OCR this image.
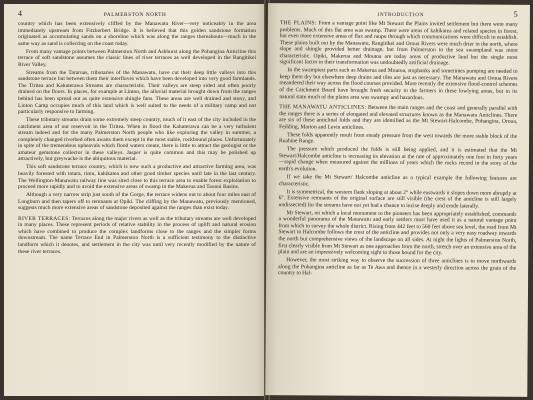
4	PALMERSTON NORTH

country which has been extensively cliffed by the Manawatu River—very noticeably in the area immediately upstream from Fitzherbert Bridge. It is believed that this golden sandstone formation originated as accumulating sands on a shoreline which was along the ranges thereabouts—much in the same way as sand is collecting on the coast today.

From many vantage points between Palmerston North and Ashhurst along the Pohangina Anticline this terrace of soft sandstone assumes the classic lines of river terraces as well developed in the Rangitikei River Valley.

Streams from the Tararuas, tributaries of the Manawatu, have cut their deep little valleys into this sandstone terrace but between them their interfluves which have been developed into very good farmlands. The Tiritea and Kahuterawa Streams are characteristic. Their valleys are steep sided and often poorly drained on the floors. In places, for example at Linton, the alluvial material brought down from the ranges behind has been spread out as quite extensive shingle fans. These areas are well drained and stony, and Linton Camp occupies much of this land which is well suited to the needs of a military camp and not particularly responsive to farming.

These tributary streams drain some extremely steep country, much of it east of the city included in the catchment area of our reservoir in the Tiritea. When in flood the Kahuterawa can be a very turbulent stream indeed and for the many Palmerston North people who like exploring the valley in summer, a completely changed riverbed often awaits them except in the most stable, rockbound places. Unfortunately in spite of the tremendous upheavals which flood waters create, there is little to attract the geologist or the amateur gemstone collector in these valleys. Jasper is quite common and this may be polished up attractively, but greywacke is the ubiquitous material.

This soft sandstone terrace country, which is now such a productive and attractive farming area, was heavily forested with totara, rimu, kahikatea and other good timber species until late in the last century. The Wellington-Manawatu railway line was sited close to this terrace area to enable forest exploitation to proceed more rapidly and to avoid the extensive areas of swamp in the Makerua and Taonui Basins.

Although a very narrow strip just south of the Gorge, the terrace widens out to about four miles east of Longburn and then tapers off to remnants at Opiki. The cliffing by the Manawatu, previously mentioned, suggests much more extensive areas of sandstone deposited against the ranges than exist today.

RIVER TERRACES: Terraces along the major rivers as well as the tributary streams are well developed in many places. These represent periods of relative stability in the process of uplift and natural erosion which have combined to produce the complex landforms close to the ranges and the simpler forms downstream. The name Terrace End in Palmerston North is a sufficient testimony to the distinctive landform which it denotes, and settlement in the city was until very recently modified by the nature of these river terraces.

INTRODUCTION	5

THE PLAINS: From a vantage point like Mt Stewart the Plains invited settlement but there were many problems. Much of this flat area was swamp. There were areas of kahikatea and related species in forest, but even more extensive areas of flax and raupo through which communications were difficult to establish. These plains built out by the Manawatu, Rangitikei and Oroua Rivers were much drier in the north, where slope and shingle provided better drainage, but from Palmerston to the sea swampland was more characteristic. Opiki, Makerua and Moutoa are today areas of productive land but the single most significant factor in their transformation was undoubtedly artificial drainage.

In the swampiest parts such as Makerua and Moutoa, stopbanks and sometimes pumping are needed to keep them dry but elsewhere deep drains and tiles are just as necessary. The Manawatu and Oroua Rivers meandered their way across the flood courses provided. More recently the extensive flood-control schemes of the Catchment Board have brought fresh security to the farmers in these lowlying areas, but in its natural state much of the plains area was swampy and hazardous.

THE MANAWATU ANTICLINES: Between the main ranges and the coast and generally parallel with the ranges there is a series of elongated and elevated structures known as the Manawatu Anticlines. There are six of these anticlinal folds and they are identified as the Mt Stewart-Halcombe, Pohangina, Oroua, Feilding, Marton and Levin anticlines.

These folds apparently result from steady pressure from the west towards the more stable block of the Ruahine Range.

The pressure which produced the folds is still being applied, and it is estimated that the Mt Stewart/Halcombe anticline is increasing its elevation at the rate of approximately one foot in forty years—rapid change when measured against the millions of years which the rocks record in the story of the earth's evolution.

If we take the Mt Stewart/ Halcombe anticline as a typical example the following features are characteristic.

It is symmetrical, the western flank sloping at about 2° while eastwards it slopes down more abruptly at 6°. Extensive remnants of the original surface are still visible (the crest of the anticline is still largely undissected) for the streams have not yet had a chance to incise deeply and erode laterally.

Mt Stewart, on which a local monument to the pioneers has been appropriately established, commands a wonderful panorama of the Manawatu and early settlers must have used it as a natural vantage point from which to survey the whole district. Rising from 442 feet to 560 feet above sea level, the road from Mt Stewart to Halcombe follows the crest of the anticline and provides not only a very easy roadway towards the north but comprehensive views of the landscape on all sides. At night the lights of Palmerston North, first clearly visible from Mt Stewart as one approaches from the north, stretch over an extensive area of the plain and are an impressively welcoming sight to those bound for the city.

However, the most striking way to observe the succession of three anticlines is to move northwards along the Pohangina anticline as far as Te Awa and thence in a westerly direction across the grain of the country to Hal-
